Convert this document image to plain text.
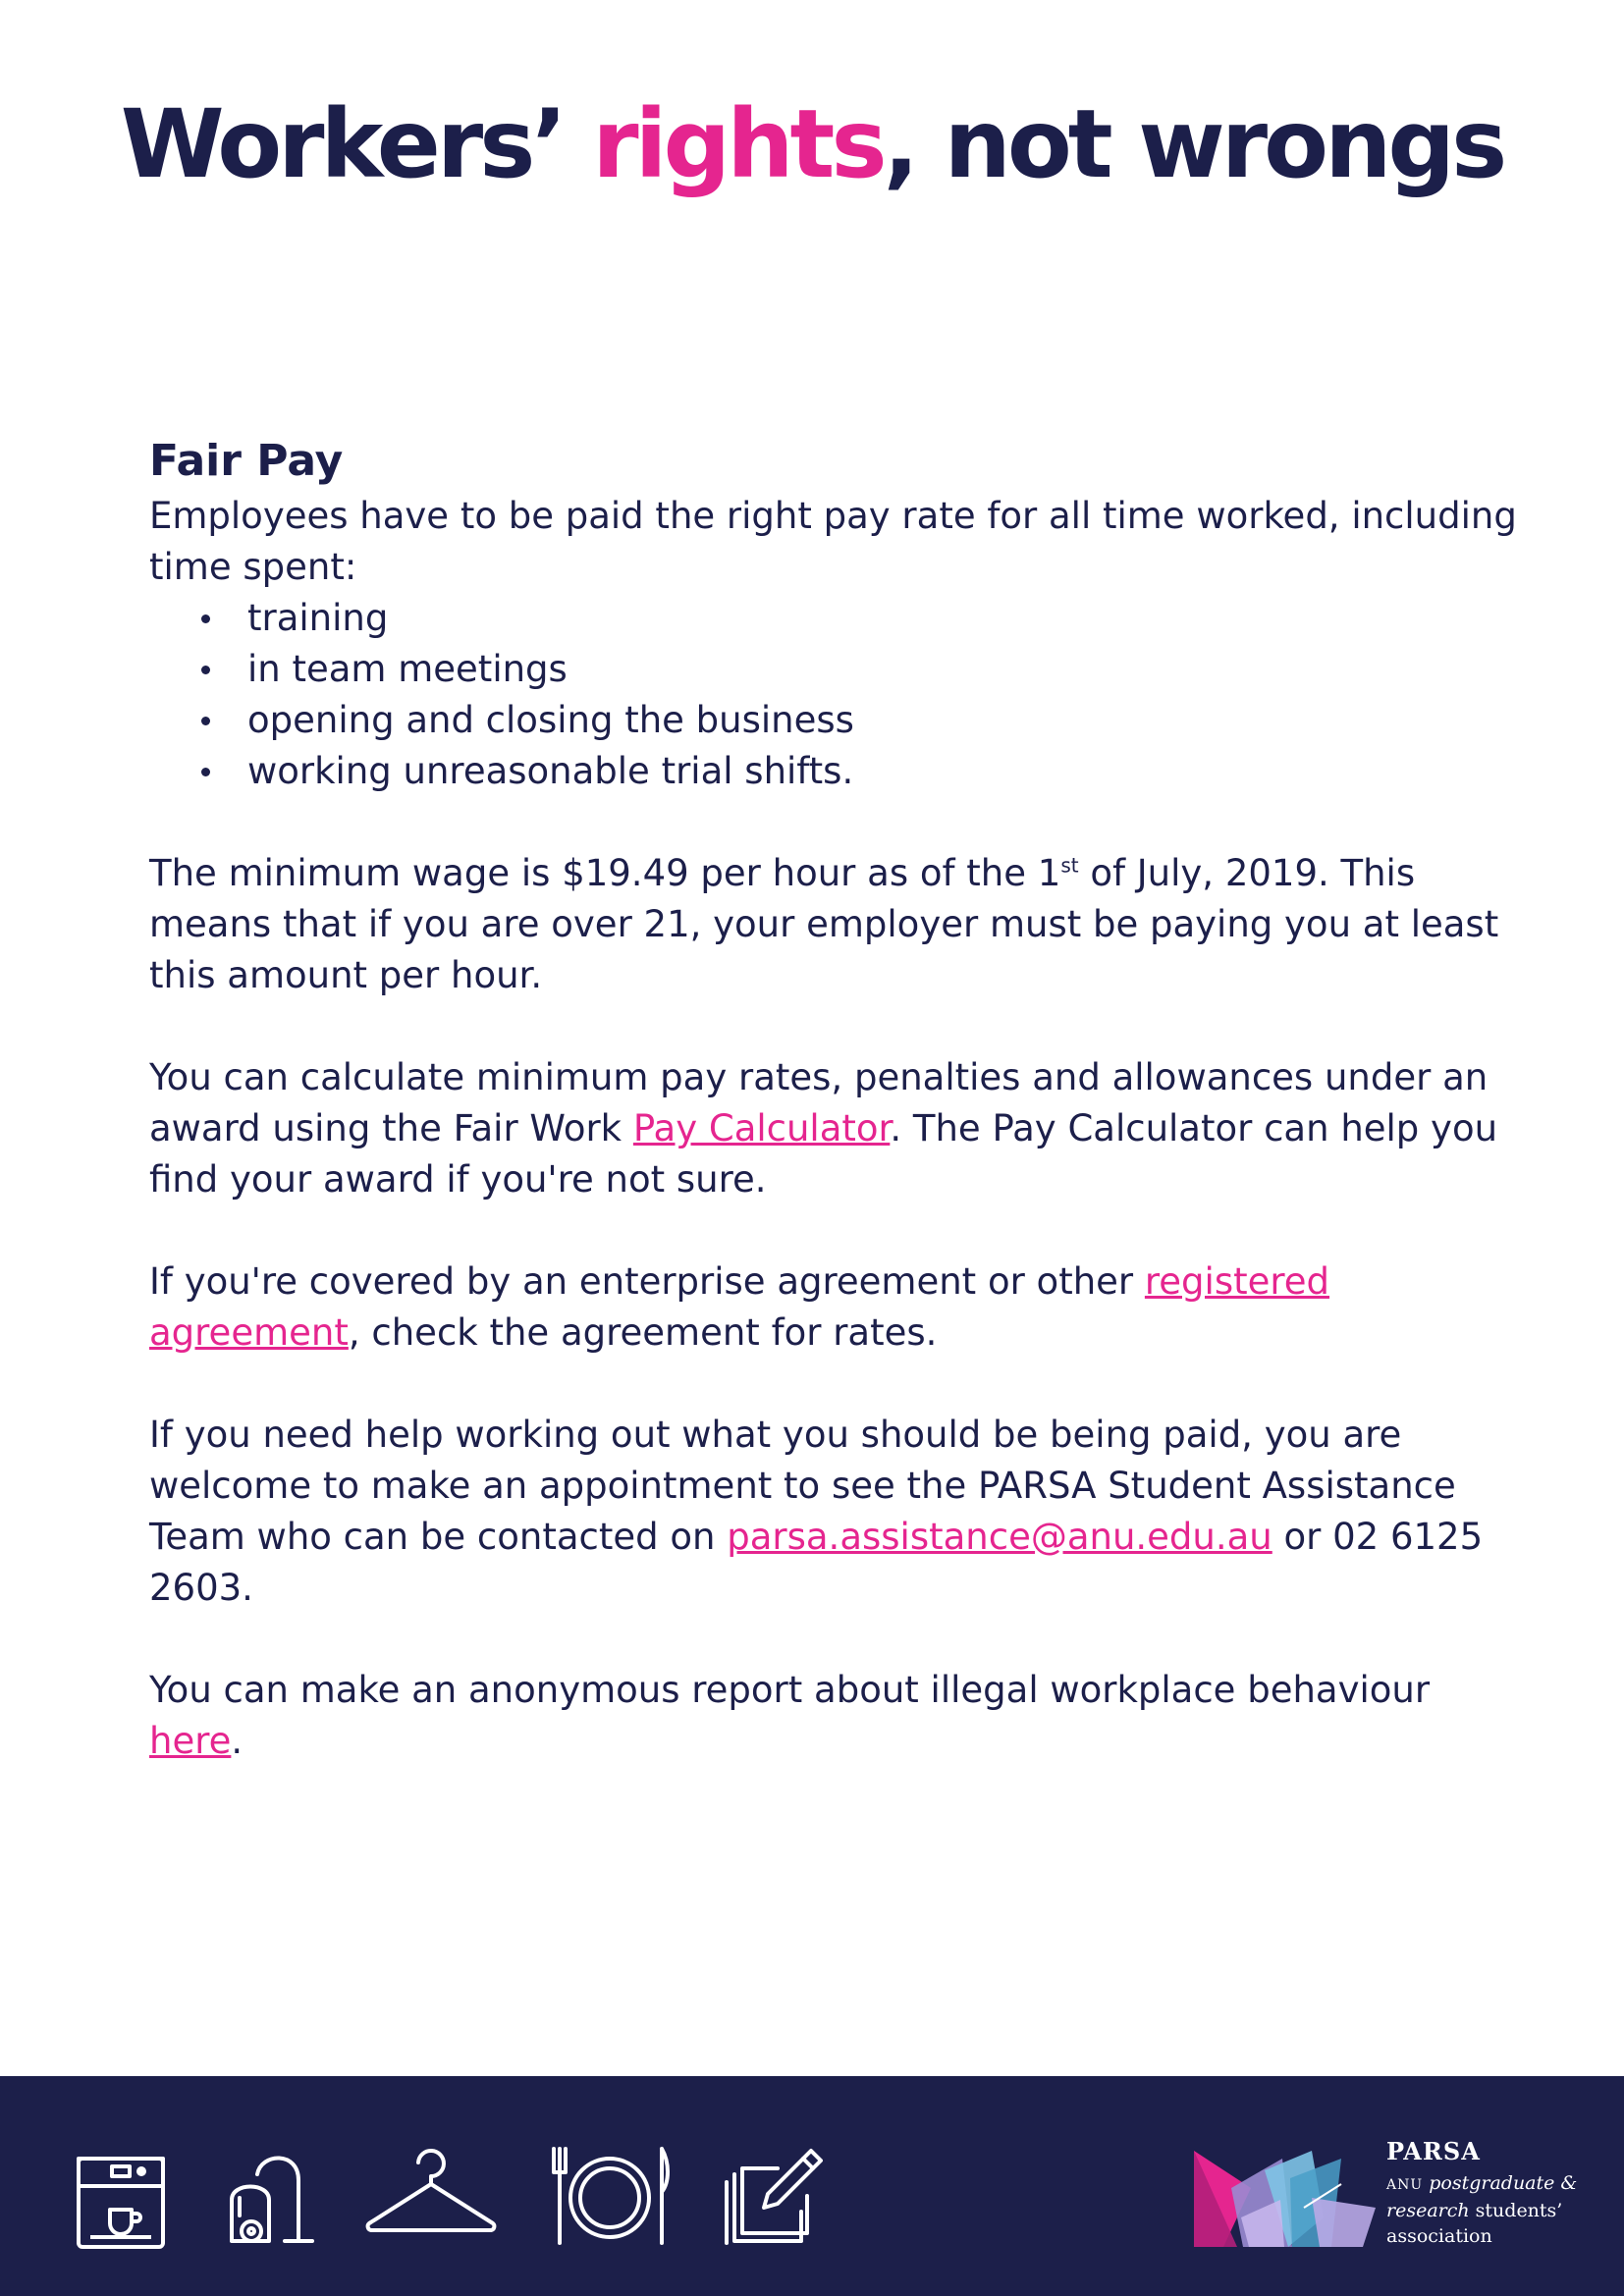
Workers’ rights, not wrongs
Fair Pay

Employees have to be paid the right pay rate for all time worked, including time spent:

training
in team meetings
opening and closing the business
working unreasonable trial shifts.

The minimum wage is $19.49 per hour as of the 1st of July, 2019. This means that if you are over 21, your employer must be paying you at least this amount per hour.

You can calculate minimum pay rates, penalties and allowances under an award using the Fair Work Pay Calculator. The Pay Calculator can help you find your award if you're not sure.

If you're covered by an enterprise agreement or other registered agreement, check the agreement for rates.

If you need help working out what you should be being paid, you are welcome to make an appointment to see the PARSA Student Assistance Team who can be contacted on parsa.assistance@anu.edu.au or 02 6125 2603.

You can make an anonymous report about illegal workplace behaviour here.

PARSA
ANU postgraduate &
research students’
association
